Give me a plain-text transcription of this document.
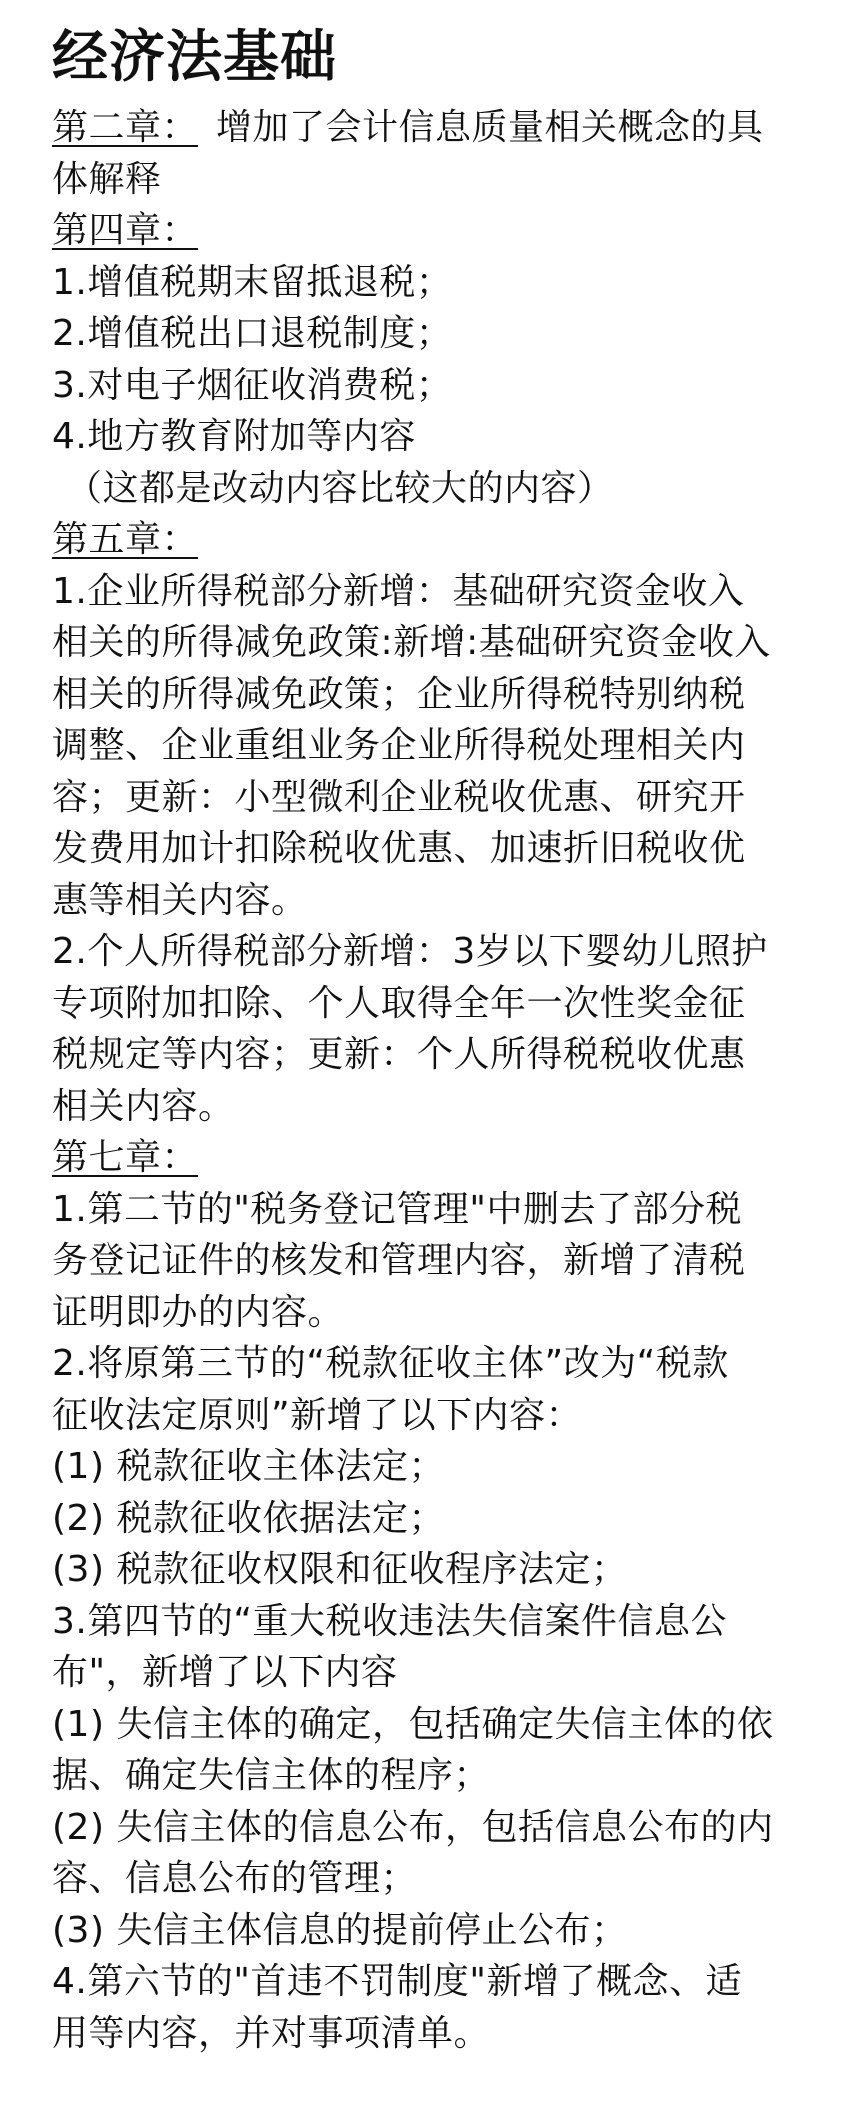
经济法基础
第二章： 增加了会计信息质量相关概念的具
体解释
第四章：
1.增值税期末留抵退税；
2.增值税出口退税制度；
3.对电子烟征收消费税；
4.地方教育附加等内容
（这都是改动内容比较大的内容）
第五章：
1.企业所得税部分新增：基础研究资金收入
相关的所得减免政策:新增:基础研究资金收入
相关的所得减免政策；企业所得税特别纳税
调整、企业重组业务企业所得税处理相关内
容；更新：小型微利企业税收优惠、研究开
发费用加计扣除税收优惠、加速折旧税收优
惠等相关内容。
2.个人所得税部分新增：3岁以下婴幼儿照护
专项附加扣除、个人取得全年一次性奖金征
税规定等内容；更新：个人所得税税收优惠
相关内容。
第七章：
1.第二节的"税务登记管理"中删去了部分税
务登记证件的核发和管理内容，新增了清税
证明即办的内容。
2.将原第三节的“税款征收主体”改为“税款
征收法定原则”新增了以下内容：
(1) 税款征收主体法定；
(2) 税款征收依据法定；
(3) 税款征收权限和征收程序法定；
3.第四节的“重大税收违法失信案件信息公
布"，新增了以下内容
(1) 失信主体的确定，包括确定失信主体的依
据、确定失信主体的程序；
(2) 失信主体的信息公布，包括信息公布的内
容、信息公布的管理；
(3) 失信主体信息的提前停止公布；
4.第六节的"首违不罚制度"新增了概念、适
用等内容，并对事项清单。
